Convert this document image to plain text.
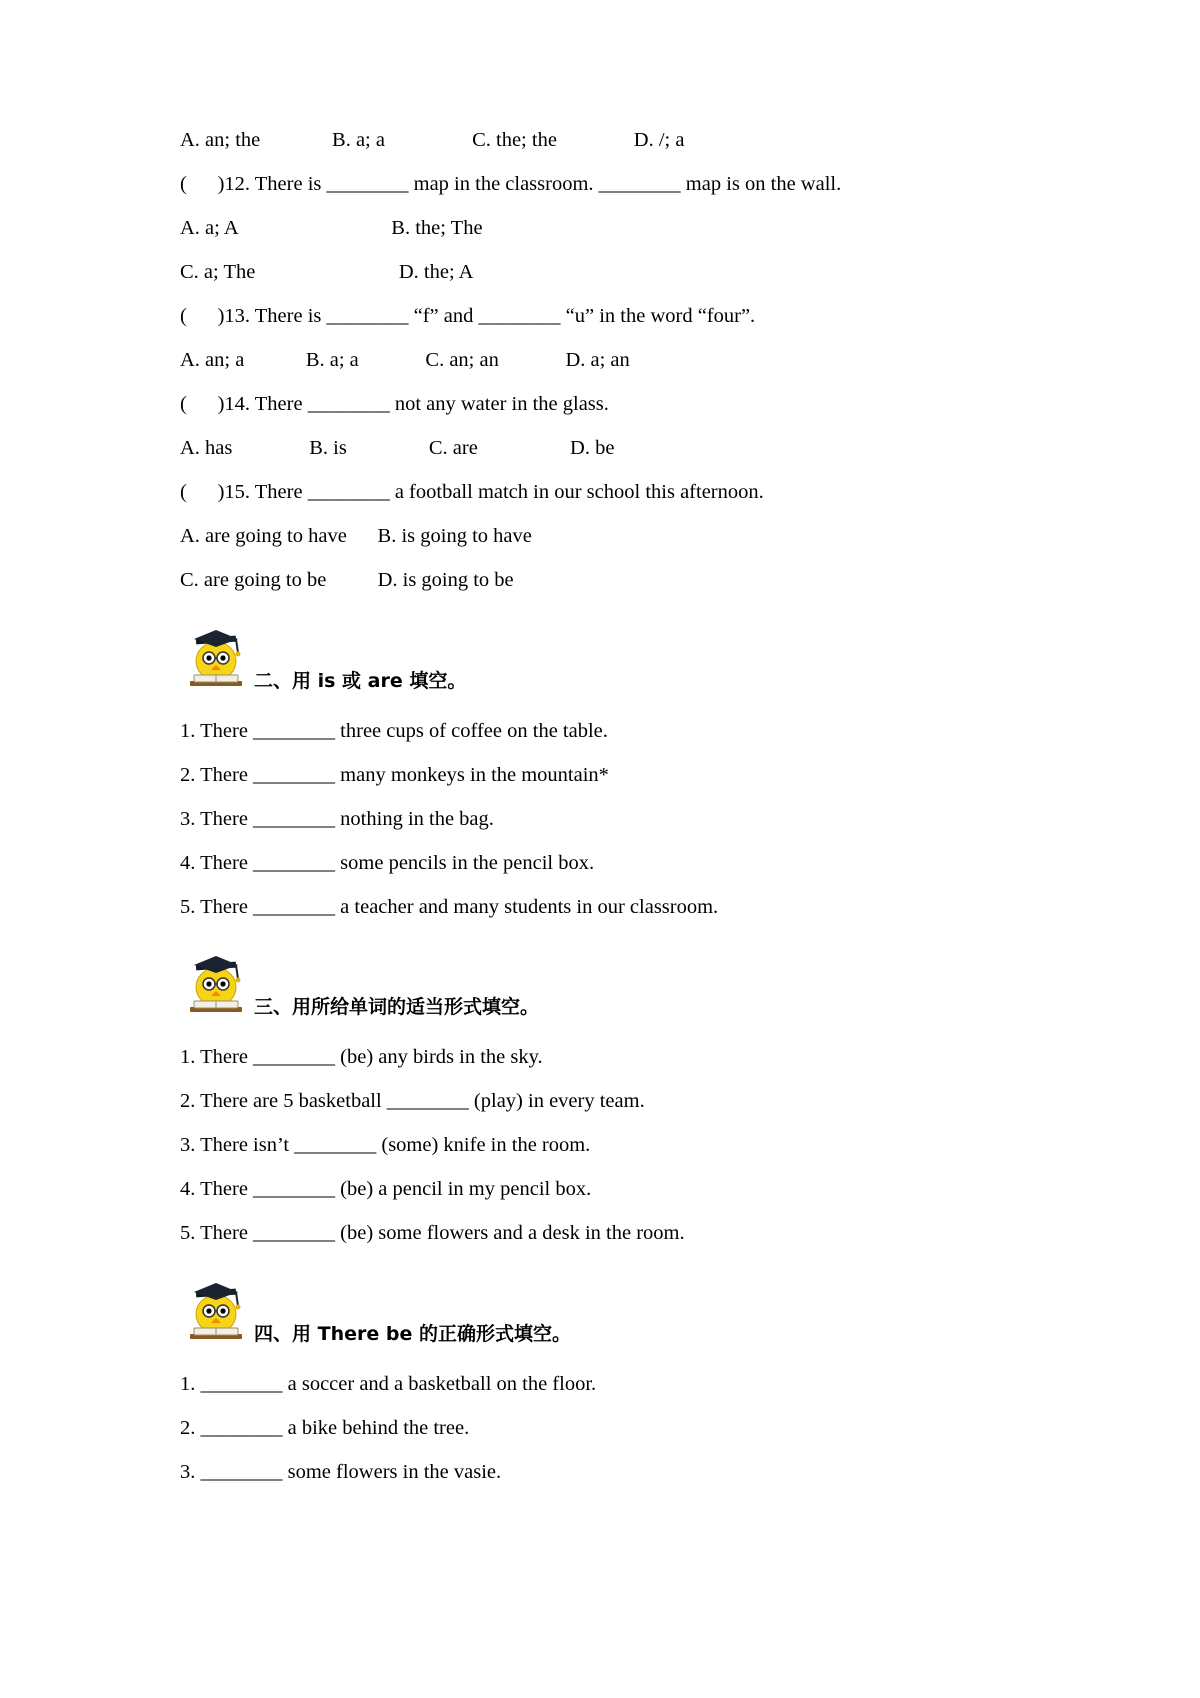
A. an; the              B. a; a                 C. the; the               D. /; a
(      )12. There is ________ map in the classroom. ________ map is on the wall.
A. a; A                              B. the; The
C. a; The                            D. the; A
(      )13. There is ________ “f” and ________ “u” in the word “four”.
A. an; a            B. a; a             C. an; an             D. a; an
(      )14. There ________ not any water in the glass.
A. has               B. is                C. are                  D. be
(      )15. There ________ a football match in our school this afternoon.
A. are going to have      B. is going to have
C. are going to be          D. is going to be
二、用 is 或 are 填空。
1. There ________ three cups of coffee on the table.
2. There ________ many monkeys in the mountain*
3. There ________ nothing in the bag.
4. There ________ some pencils in the pencil box.
5. There ________ a teacher and many students in our classroom.
三、用所给单词的适当形式填空。
1. There ________ (be) any birds in the sky.
2. There are 5 basketball ________ (play) in every team.
3. There isn’t ________ (some) knife in the room.
4. There ________ (be) a pencil in my pencil box.
5. There ________ (be) some flowers and a desk in the room.
四、用 There be 的正确形式填空。
1. ________ a soccer and a basketball on the floor.
2. ________ a bike behind the tree.
3. ________ some flowers in the vasie.
